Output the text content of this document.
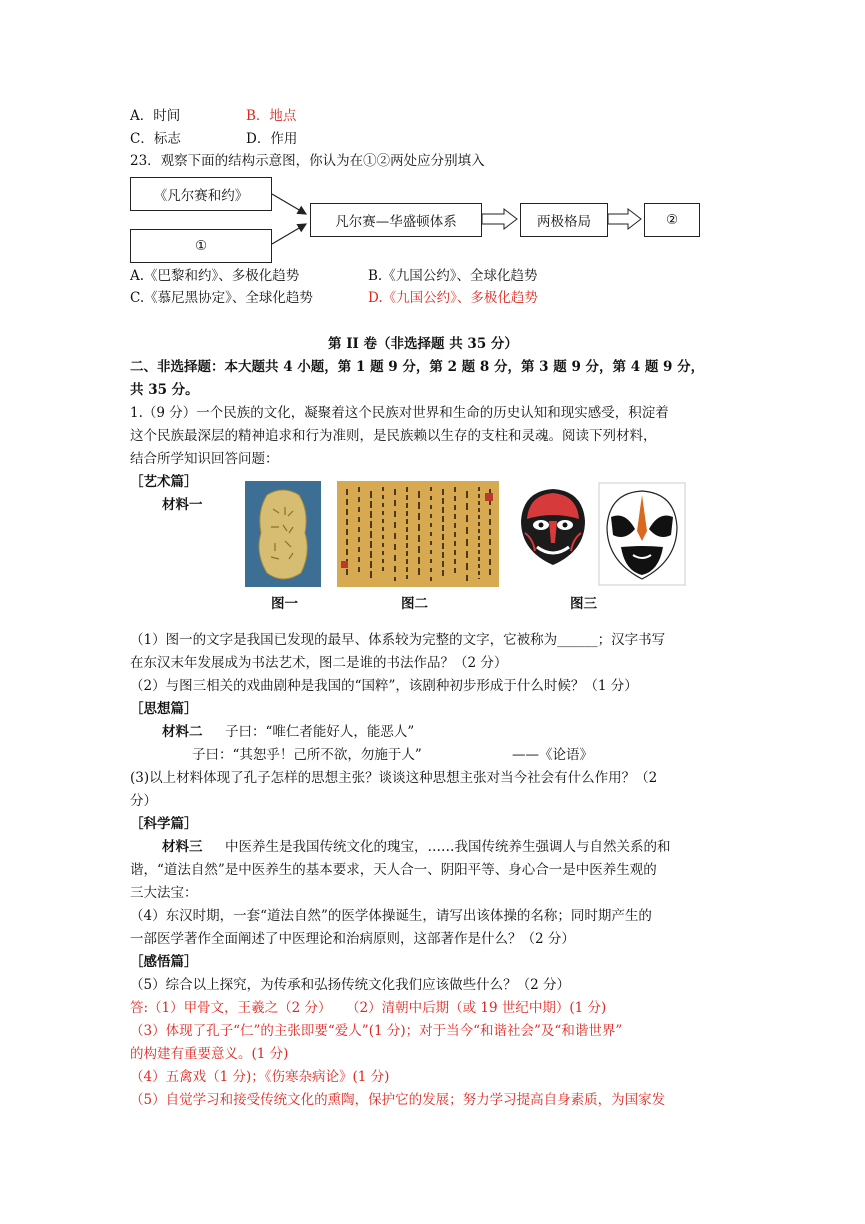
A．时间	B．地点
C．标志	D．作用
23．观察下面的结构示意图，你认为在①②两处应分别填入
《凡尔赛和约》
①
凡尔赛—华盛顿体系	两极格局	②
A.《巴黎和约》、多极化趋势	B.《九国公约》、全球化趋势
C.《慕尼黑协定》、全球化趋势	D.《九国公约》、多极化趋势
第 II 卷（非选择题 共 35 分）
二、非选择题：本大题共 4 小题，第 1 题 9 分，第 2 题 8 分，第 3 题 9 分，第 4 题 9 分，
共 35 分。
1.（9 分）一个民族的文化，凝聚着这个民族对世界和生命的历史认知和现实感受，积淀着
这个民族最深层的精神追求和行为准则，是民族赖以生存的支柱和灵魂。阅读下列材料，
结合所学知识回答问题：
［艺术篇］
材料一
图一	图二	图三
（1）图一的文字是我国已发现的最早、体系较为完整的文字，它被称为______；汉字书写
在东汉末年发展成为书法艺术，图二是谁的书法作品？（2 分）
（2）与图三相关的戏曲剧种是我国的“国粹”，该剧种初步形成于什么时候？（1 分）
［思想篇］
材料二 子曰：“唯仁者能好人，能恶人”
子曰：“其恕乎！己所不欲，勿施于人”	——《论语》
(3)以上材料体现了孔子怎样的思想主张？谈谈这种思想主张对当今社会有什么作用？（2
分）
［科学篇］
材料三 中医养生是我国传统文化的瑰宝，……我国传统养生强调人与自然关系的和
谐，“道法自然”是中医养生的基本要求，天人合一、阴阳平等、身心合一是中医养生观的
三大法宝：
（4）东汉时期，一套“道法自然”的医学体操诞生，请写出该体操的名称；同时期产生的
一部医学著作全面阐述了中医理论和治病原则，这部著作是什么？（2 分）
［感悟篇］
（5）综合以上探究，为传承和弘扬传统文化我们应该做些什么？（2 分）
答:（1）甲骨文，王羲之（2 分） （2）清朝中后期（或 19 世纪中期）(1 分)
（3）体现了孔子“仁”的主张即要“爱人”(1 分)；对于当今“和谐社会”及“和谐世界”
的构建有重要意义。(1 分)
（4）五禽戏（1 分)；《伤寒杂病论》(1 分)
（5）自觉学习和接受传统文化的熏陶，保护它的发展；努力学习提高自身素质，为国家发
